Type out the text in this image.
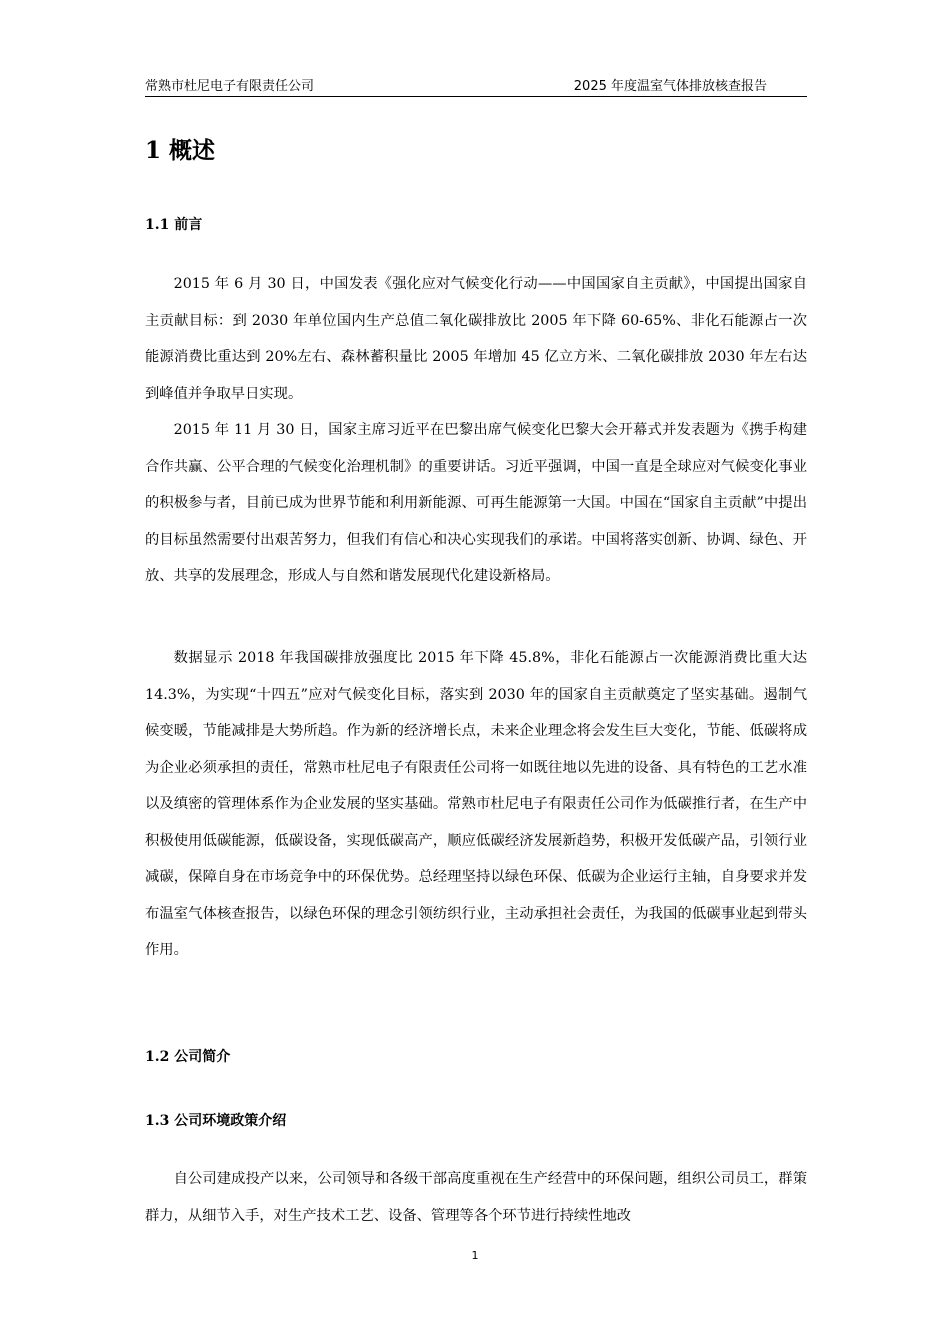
常熟市杜尼电子有限责任公司	2025 年度温室气体排放核查报告
1 概述
1.1 前言

2015 年 6 月 30 日，中国发表《强化应对气候变化行动——中国国家自主贡献》，中国提出国家自主贡献目标：到 2030 年单位国内生产总值二氧化碳排放比 2005 年下降 60-65%、非化石能源占一次能源消费比重达到 20%左右、森林蓄积量比 2005 年增加 45 亿立方米、二氧化碳排放 2030 年左右达到峰值并争取早日实现。

2015 年 11 月 30 日，国家主席习近平在巴黎出席气候变化巴黎大会开幕式并发表题为《携手构建合作共赢、公平合理的气候变化治理机制》的重要讲话。习近平强调，中国一直是全球应对气候变化事业的积极参与者，目前已成为世界节能和利用新能源、可再生能源第一大国。中国在“国家自主贡献”中提出的目标虽然需要付出艰苦努力，但我们有信心和决心实现我们的承诺。中国将落实创新、协调、绿色、开放、共享的发展理念，形成人与自然和谐发展现代化建设新格局。

数据显示 2018 年我国碳排放强度比 2015 年下降 45.8%，非化石能源占一次能源消费比重大达 14.3%，为实现“十四五”应对气候变化目标，落实到 2030 年的国家自主贡献奠定了坚实基础。遏制气候变暖，节能减排是大势所趋。作为新的经济增长点，未来企业理念将会发生巨大变化，节能、低碳将成为企业必须承担的责任，常熟市杜尼电子有限责任公司将一如既往地以先进的设备、具有特色的工艺水准以及缜密的管理体系作为企业发展的坚实基础。常熟市杜尼电子有限责任公司作为低碳推行者，在生产中积极使用低碳能源，低碳设备，实现低碳高产，顺应低碳经济发展新趋势，积极开发低碳产品，引领行业减碳，保障自身在市场竞争中的环保优势。总经理坚持以绿色环保、低碳为企业运行主轴，自身要求并发布温室气体核查报告，以绿色环保的理念引领纺织行业，主动承担社会责任，为我国的低碳事业起到带头作用。

1.2 公司简介
1.3 公司环境政策介绍

自公司建成投产以来，公司领导和各级干部高度重视在生产经营中的环保问题，组织公司员工，群策群力，从细节入手，对生产技术工艺、设备、管理等各个环节进行持续性地改

1
